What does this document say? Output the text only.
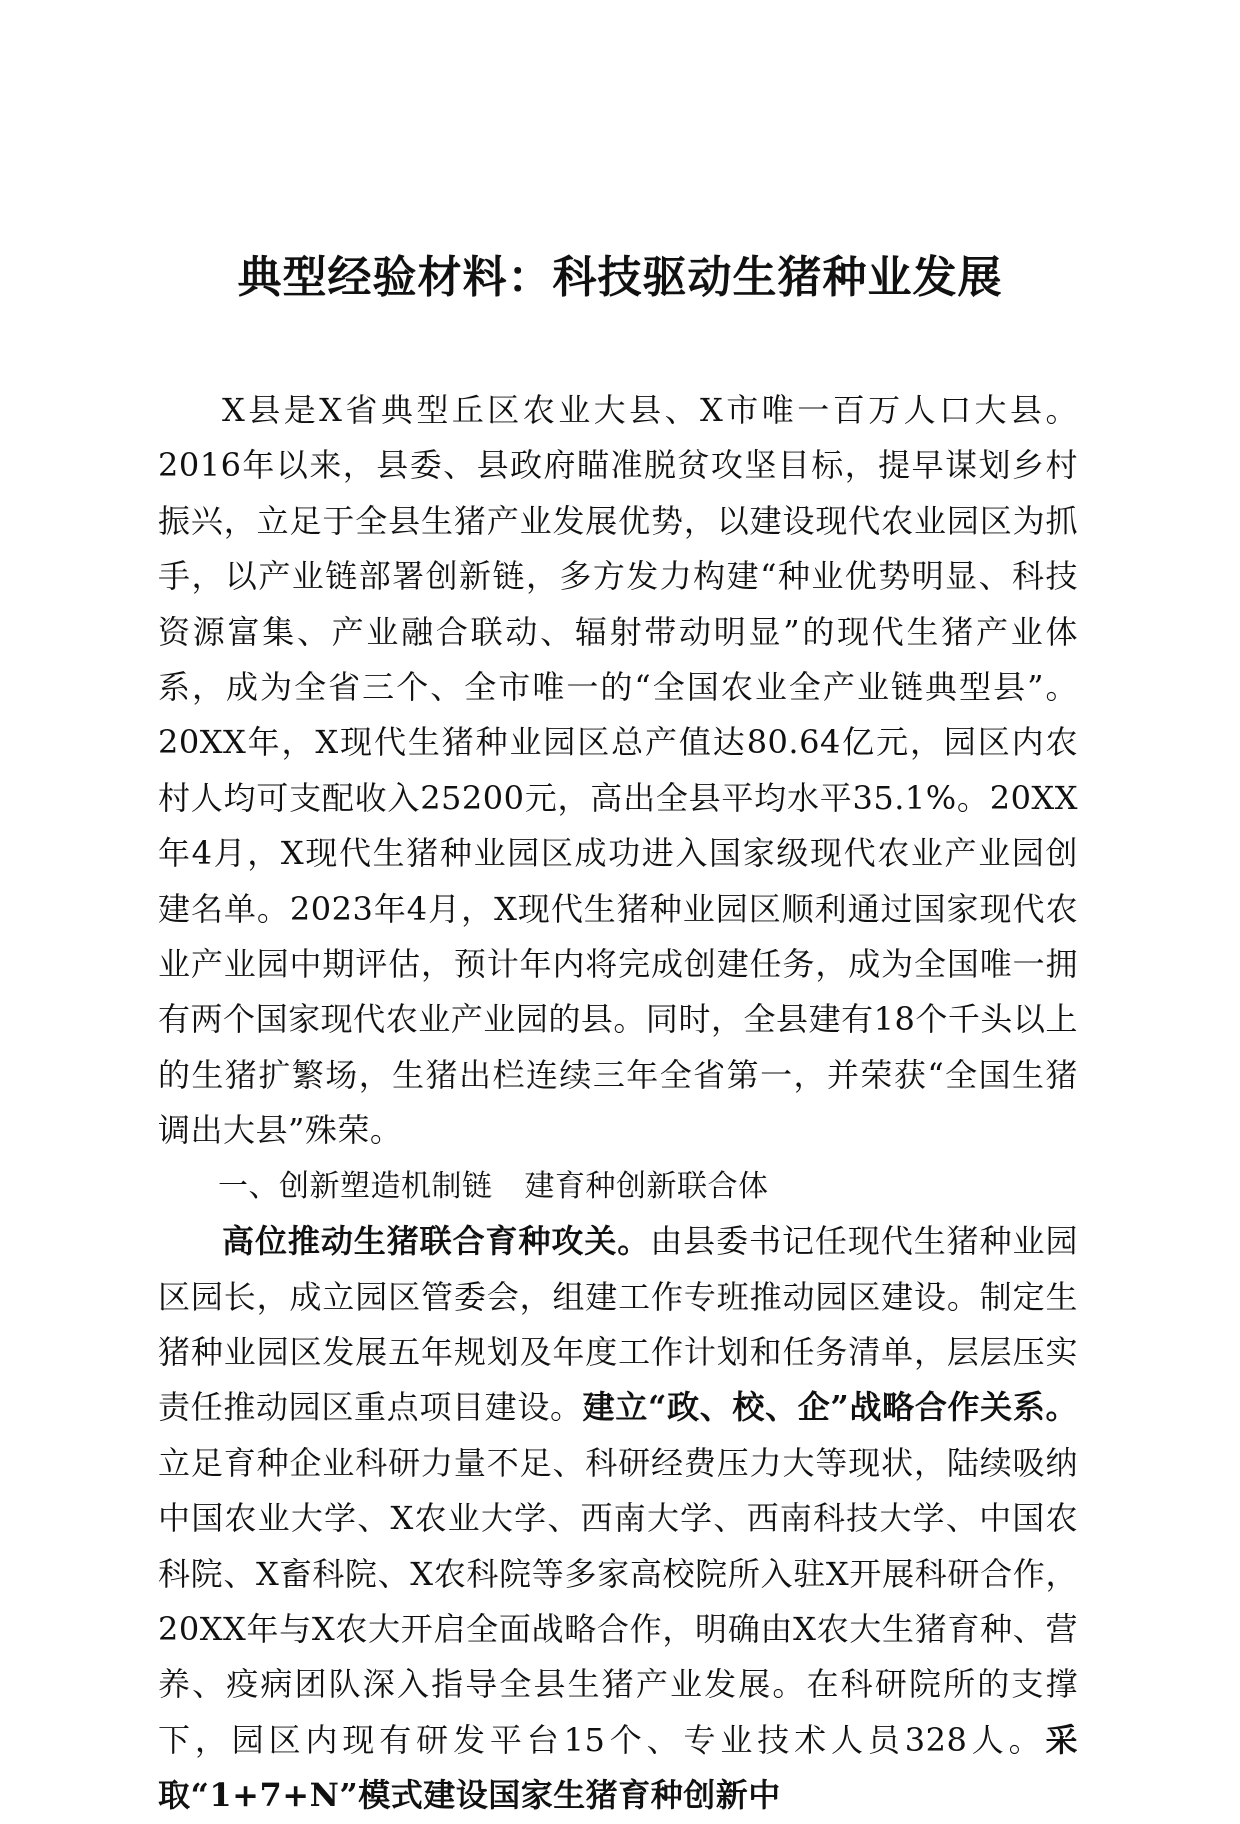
典型经验材料：科技驱动生猪种业发展

X县是X省典型丘区农业大县、X市唯一百万人口大县。2016年以来，县委、县政府瞄准脱贫攻坚目标，提早谋划乡村振兴，立足于全县生猪产业发展优势，以建设现代农业园区为抓手，以产业链部署创新链，多方发力构建“种业优势明显、科技资源富集、产业融合联动、辐射带动明显”的现代生猪产业体系，成为全省三个、全市唯一的“全国农业全产业链典型县”。20XX年，X现代生猪种业园区总产值达80.64亿元，园区内农村人均可支配收入25200元，高出全县平均水平35.1%。20XX年4月，X现代生猪种业园区成功进入国家级现代农业产业园创建名单。2023年4月，X现代生猪种业园区顺利通过国家现代农业产业园中期评估，预计年内将完成创建任务，成为全国唯一拥有两个国家现代农业产业园的县。同时，全县建有18个千头以上的生猪扩繁场，生猪出栏连续三年全省第一，并荣获“全国生猪调出大县”殊荣。

一、创新塑造机制链 建育种创新联合体

高位推动生猪联合育种攻关。由县委书记任现代生猪种业园区园长，成立园区管委会，组建工作专班推动园区建设。制定生猪种业园区发展五年规划及年度工作计划和任务清单，层层压实责任推动园区重点项目建设。建立“政、校、企”战略合作关系。立足育种企业科研力量不足、科研经费压力大等现状，陆续吸纳中国农业大学、X农业大学、西南大学、西南科技大学、中国农科院、X畜科院、X农科院等多家高校院所入驻X开展科研合作，20XX年与X农大开启全面战略合作，明确由X农大生猪育种、营养、疫病团队深入指导全县生猪产业发展。在科研院所的支撑下，园区内现有研发平台15个、专业技术人员328人。采取“1+7+N”模式建设国家生猪育种创新中
